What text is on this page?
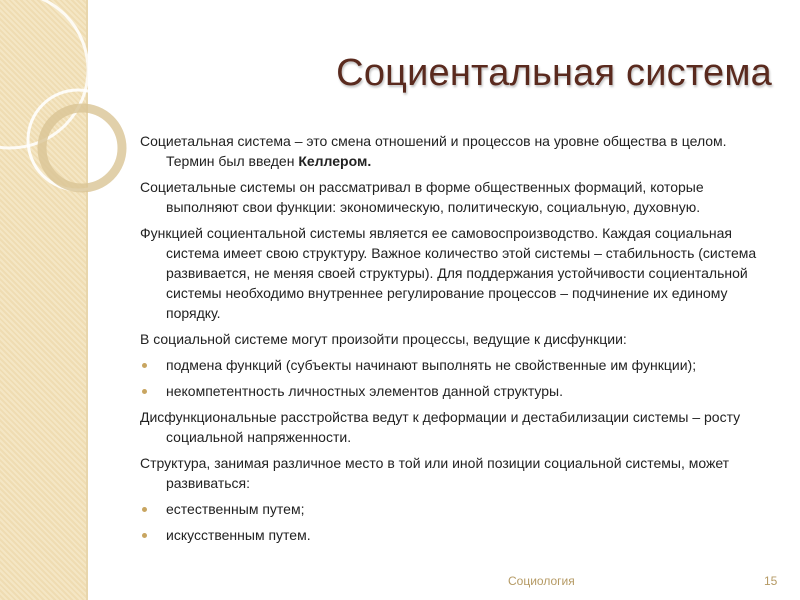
Социентальная система

Социетальная система – это смена отношений и процессов на уровне общества в целом. Термин был введен Келлером.

Социетальные системы он рассматривал в форме общественных формаций, которые выполняют свои функции: экономическую, политическую, социальную, духовную.

Функцией социентальной системы является ее самовоспроизводство. Каждая социальная система имеет свою структуру. Важное количество этой системы – стабильность (система развивается, не меняя своей структуры). Для поддержания устойчивости социентальной системы необходимо внутреннее регулирование процессов – подчинение их единому порядку.

В социальной системе могут произойти процессы, ведущие к дисфункции:

подмена функций (субъекты начинают выполнять не свойственные им функции);

некомпетентность личностных элементов данной структуры.

Дисфункциональные расстройства ведут к деформации и дестабилизации системы – росту социальной напряженности.

Структура, занимая различное место в той или иной позиции социальной системы, может развиваться:

естественным путем;

искусственным путем.

Социология	15
